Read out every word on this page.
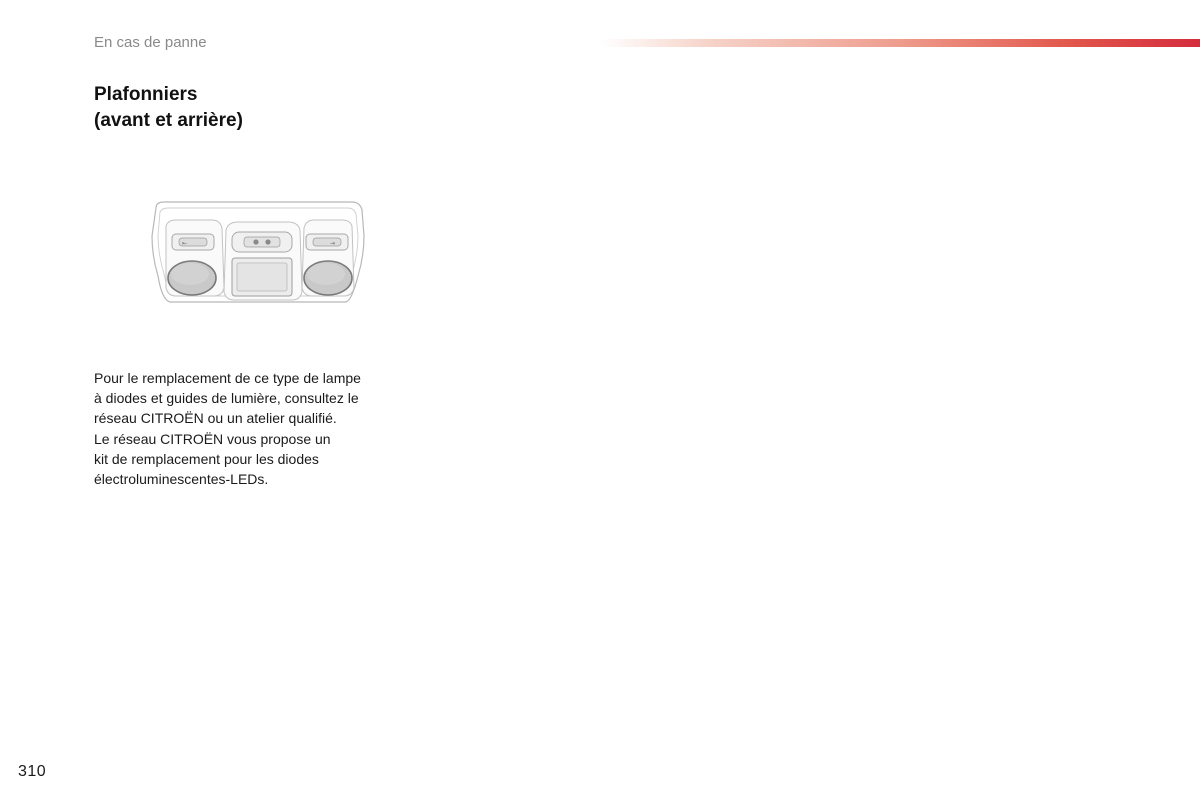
En cas de panne
Plafonniers
(avant et arrière)
⇤	⇥
Pour le remplacement de ce type de lampe
à diodes et guides de lumière, consultez le
réseau CITROËN ou un atelier qualifié.
Le réseau CITROËN vous propose un
kit de remplacement pour les diodes
électroluminescentes-LEDs.
310
